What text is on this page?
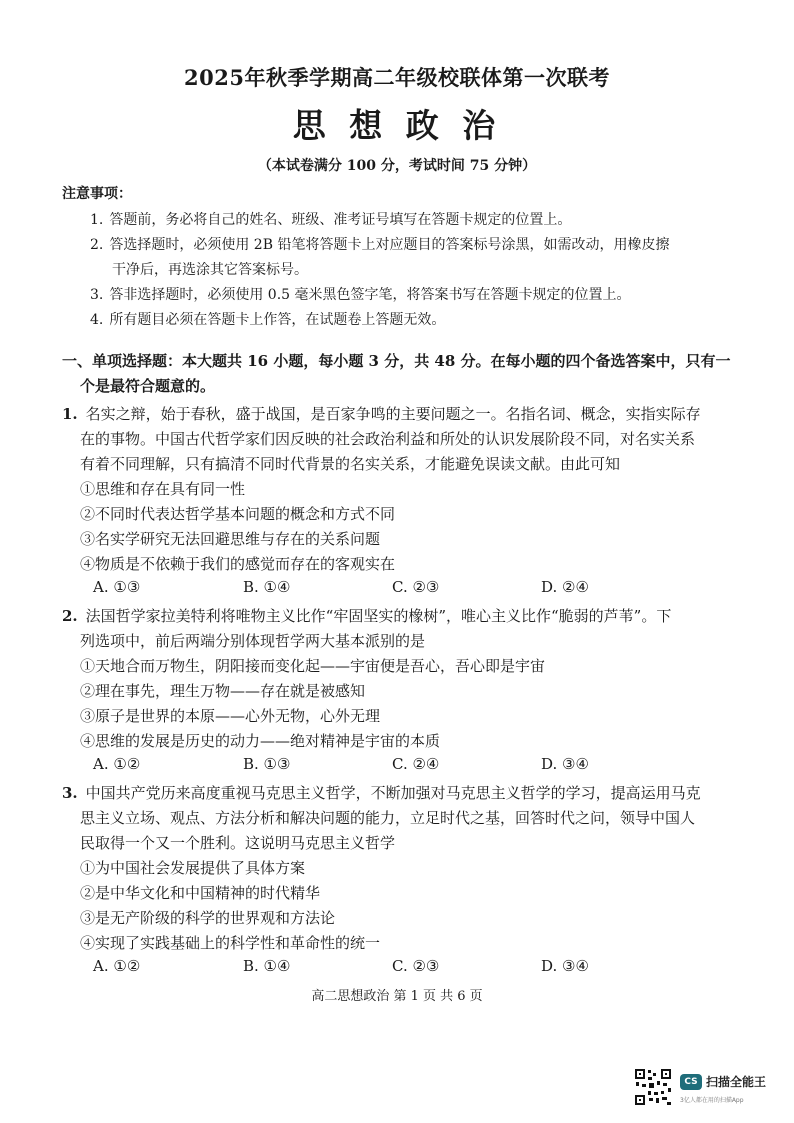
2025年秋季学期高二年级校联体第一次联考
思 想 政 治
（本试卷满分 100 分，考试时间 75 分钟）
注意事项：
1. 答题前，务必将自己的姓名、班级、准考证号填写在答题卡规定的位置上。
2. 答选择题时，必须使用 2B 铅笔将答题卡上对应题目的答案标号涂黑，如需改动，用橡皮擦
干净后，再选涂其它答案标号。
3. 答非选择题时，必须使用 0.5 毫米黑色签字笔，将答案书写在答题卡规定的位置上。
4. 所有题目必须在答题卡上作答，在试题卷上答题无效。
一、单项选择题：本大题共 16 小题，每小题 3 分，共 48 分。在每小题的四个备选答案中，只有一
个是最符合题意的。
1. 名实之辩，始于春秋，盛于战国，是百家争鸣的主要问题之一。名指名词、概念，实指实际存
在的事物。中国古代哲学家们因反映的社会政治利益和所处的认识发展阶段不同，对名实关系
有着不同理解，只有搞清不同时代背景的名实关系，才能避免误读文献。由此可知
①思维和存在具有同一性
②不同时代表达哲学基本问题的概念和方式不同
③名实学研究无法回避思维与存在的关系问题
④物质是不依赖于我们的感觉而存在的客观实在
A. ①③	B. ①④	C. ②③	D. ②④
2. 法国哲学家拉美特利将唯物主义比作“牢固坚实的橡树”，唯心主义比作“脆弱的芦苇”。下
列选项中，前后两端分别体现哲学两大基本派别的是
①天地合而万物生，阴阳接而变化起——宇宙便是吾心，吾心即是宇宙
②理在事先，理生万物——存在就是被感知
③原子是世界的本原——心外无物，心外无理
④思维的发展是历史的动力——绝对精神是宇宙的本质
A. ①②	B. ①③	C. ②④	D. ③④
3. 中国共产党历来高度重视马克思主义哲学，不断加强对马克思主义哲学的学习，提高运用马克
思主义立场、观点、方法分析和解决问题的能力，立足时代之基，回答时代之问，领导中国人
民取得一个又一个胜利。这说明马克思主义哲学
①为中国社会发展提供了具体方案
②是中华文化和中国精神的时代精华
③是无产阶级的科学的世界观和方法论
④实现了实践基础上的科学性和革命性的统一
A. ①②	B. ①④	C. ②③	D. ③④
高二思想政治 第 1 页 共 6 页
CS 扫描全能王
3亿人都在用的扫描App
